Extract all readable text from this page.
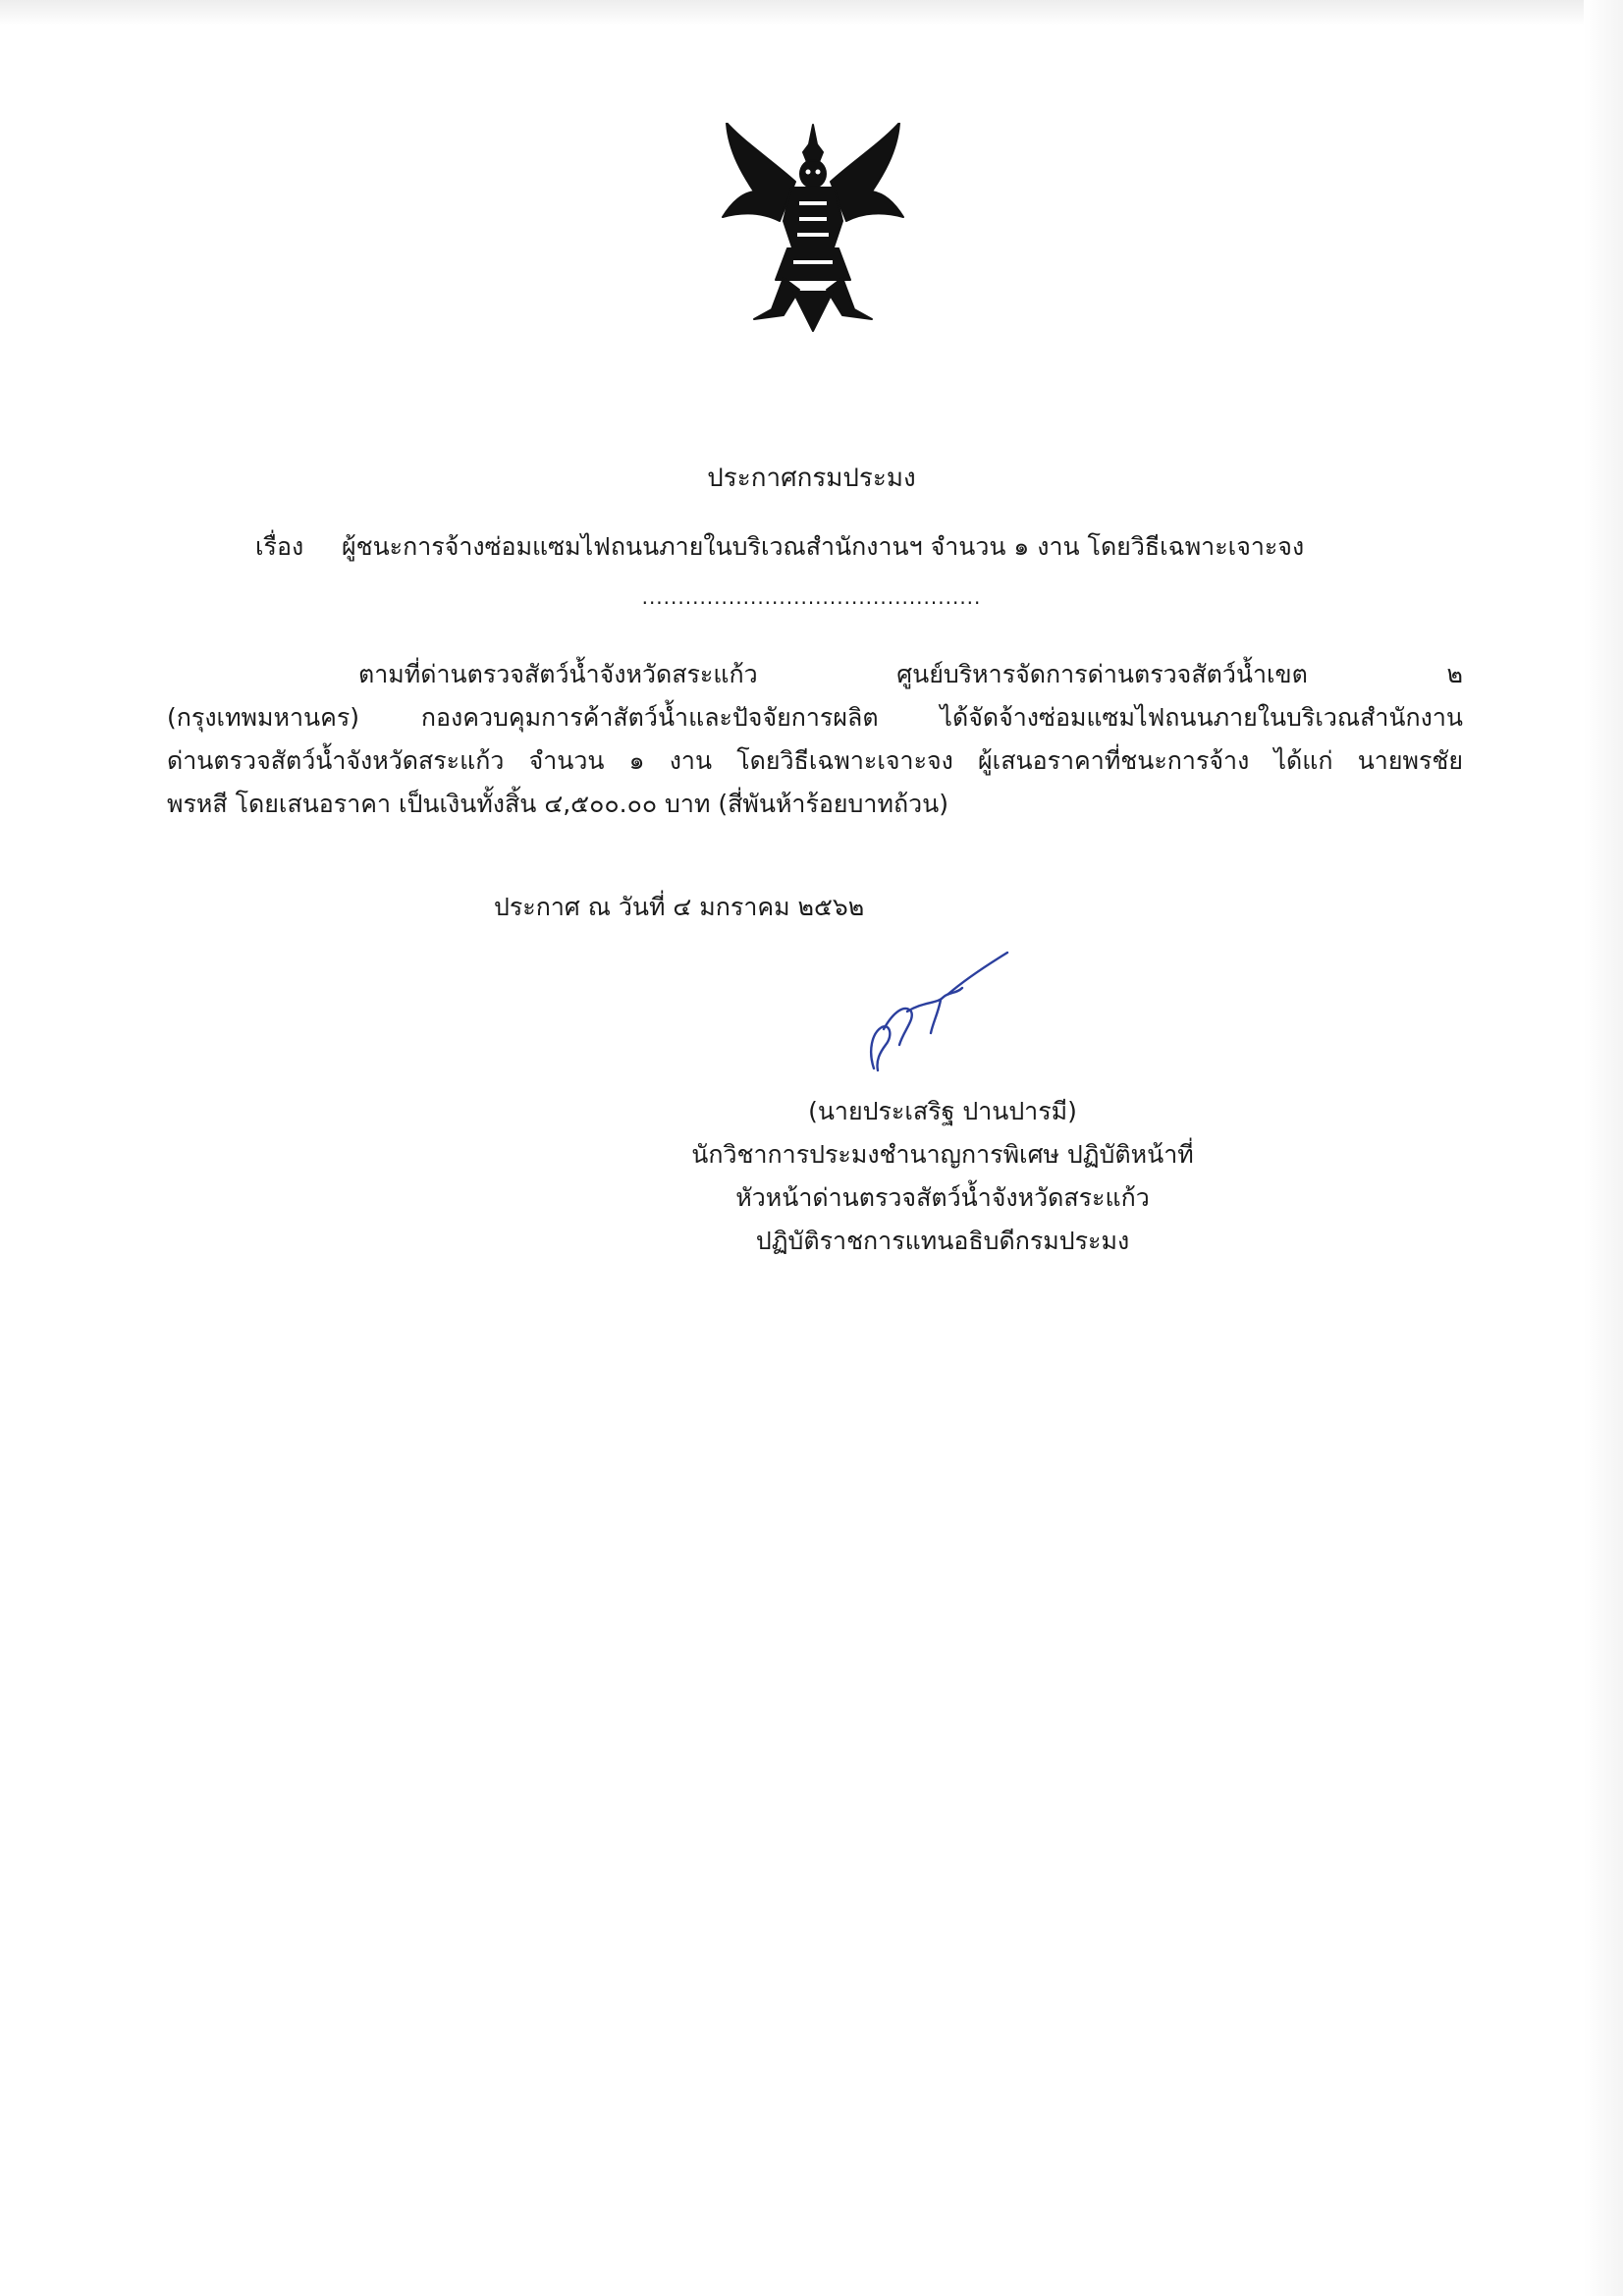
ประกาศกรมประมง
เรื่อง ผู้ชนะการจ้างซ่อมแซมไฟถนนภายในบริเวณสำนักงานฯ จำนวน ๑ งาน โดยวิธีเฉพาะเจาะจง
...............................................
ตามที่ด่านตรวจสัตว์น้ำจังหวัดสระแก้ว ศูนย์บริหารจัดการด่านตรวจสัตว์น้ำเขต ๒
(กรุงเทพมหานคร) กองควบคุมการค้าสัตว์น้ำและปัจจัยการผลิต ได้จัดจ้างซ่อมแซมไฟถนนภายในบริเวณสำนักงาน
ด่านตรวจสัตว์น้ำจังหวัดสระแก้ว จำนวน ๑ งาน โดยวิธีเฉพาะเจาะจง ผู้เสนอราคาที่ชนะการจ้าง ได้แก่ นายพรชัย
พรหสี โดยเสนอราคา เป็นเงินทั้งสิ้น ๔,๕๐๐.๐๐ บาท (สี่พันห้าร้อยบาทถ้วน)
ประกาศ ณ วันที่ ๔ มกราคม ๒๕๖๒
(นายประเสริฐ ปานปารมี)
นักวิชาการประมงชำนาญการพิเศษ ปฏิบัติหน้าที่
หัวหน้าด่านตรวจสัตว์น้ำจังหวัดสระแก้ว
ปฏิบัติราชการแทนอธิบดีกรมประมง
